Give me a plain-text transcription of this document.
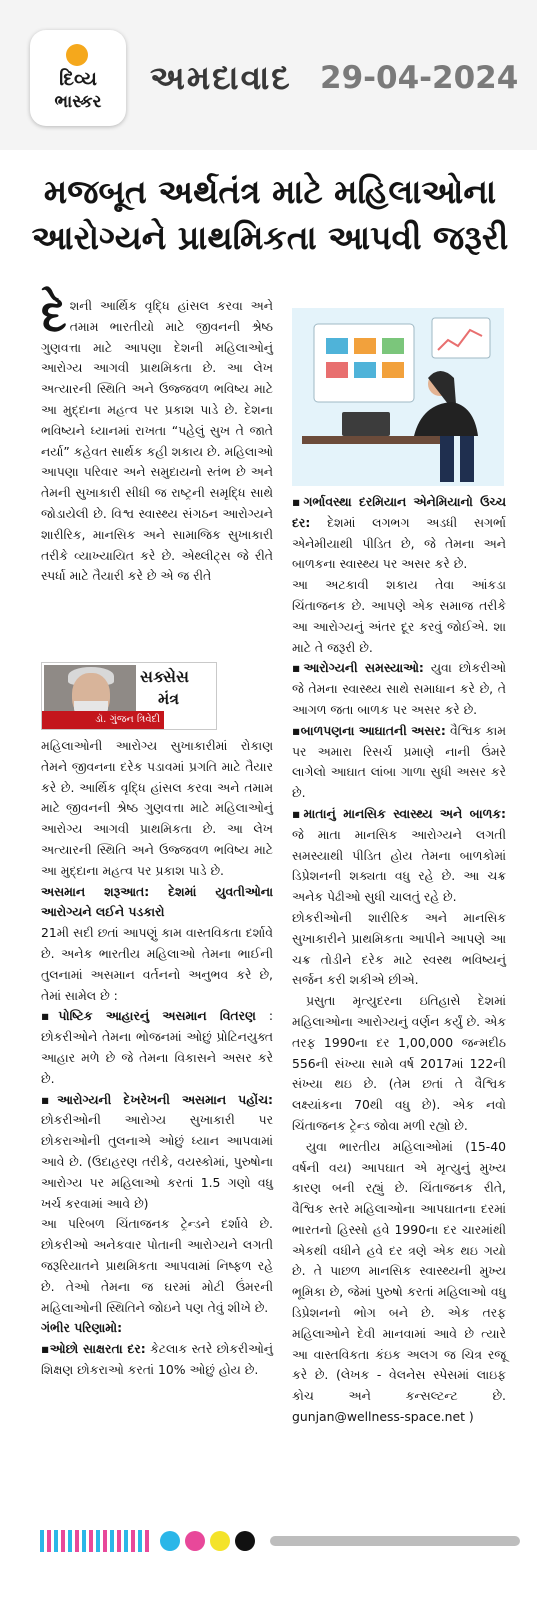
દિવ્ય
ભાસ્કર
અમદાવાદ 29-04-2024
મજબૂત અર્થતંત્ર માટે મહિલાઓના
આરોગ્યને પ્રાથમિકતા આપવી જરૂરી

દેશની આર્થિક વૃદ્ધિ હાંસલ કરવા અને તમામ ભારતીયો માટે જીવનની શ્રેષ્ઠ ગુણવત્તા માટે આપણા દેશની મહિલાઓનું આરોગ્ય આગવી પ્રાથમિકતા છે. આ લેખ અત્યારની સ્થિતિ અને ઉજ્જવળ ભવિષ્ય માટે આ મુદ્દાના મહત્વ પર પ્રકાશ પાડે છે. દેશના ભવિષ્યને ધ્યાનમાં રાખતા “પહેલું સુખ તે જાતે નર્યા” કહેવત સાર્થક કહી શકાય છે. મહિલાઓ આપણા પરિવાર અને સમુદાયનો સ્તંભ છે અને તેમની સુખાકારી સીધી જ રાષ્ટ્રની સમૃદ્ધિ સાથે જોડાયેલી છે. વિશ્વ સ્વાસ્થ્ય સંગઠન આરોગ્યને શારીરિક, માનસિક અને સામાજિક સુખાકારી તરીકે વ્યાખ્યાયિત કરે છે. એથ્લીટ્સ જે રીતે સ્પર્ધા માટે તૈયારી કરે છે એ જ રીતે

સક્સેસ
મંત્ર
ડૉ. ગુંજન ત્રિવેદી

મહિલાઓની આરોગ્ય સુખાકારીમાં રોકાણ તેમને જીવનના દરેક પડાવમાં પ્રગતિ માટે તૈયાર કરે છે. આર્થિક વૃદ્ધિ હાંસલ કરવા અને તમામ માટે જીવનની શ્રેષ્ઠ ગુણવત્તા માટે મહિલાઓનું આરોગ્ય આગવી પ્રાથમિકતા છે. આ લેખ અત્યારની સ્થિતિ અને ઉજ્જવળ ભવિષ્ય માટે આ મુદ્દાના મહત્વ પર પ્રકાશ પાડે છે.

અસમાન શરૂઆત: દેશમાં યુવતીઓના આરોગ્યને લઈને પડકારો

21મી સદી છતાં આપણું કામ વાસ્તવિકતા દર્શાવે છે. અનેક ભારતીય મહિલાઓ તેમના ભાઈની તુલનામાં અસમાન વર્તનનો અનુભવ કરે છે, તેમાં સામેલ છે :

▪પોષ્ટિક આહારનું અસમાન વિતરણ : છોકરીઓને તેમના ભોજનમાં ઓછું પ્રોટિનયુક્ત આહાર મળે છે જે તેમના વિકાસને અસર કરે છે.

▪આરોગ્યની દેખરેખની અસમાન પહોંચ: છોકરીઓની આરોગ્ય સુખાકારી પર છોકરાઓની તુલનાએ ઓછું ધ્યાન આપવામાં આવે છે. (ઉદાહરણ તરીકે, વયસ્કોમાં, પુરુષોના આરોગ્ય પર મહિલાઓ કરતાં 1.5 ગણો વધુ ખર્ચ કરવામાં આવે છે)

આ પરિબળ ચિંતાજનક ટ્રેન્ડને દર્શાવે છે. છોકરીઓ અનેકવાર પોતાની આરોગ્યને લગતી જરૂરિયાતને પ્રાથમિકતા આપવામાં નિષ્ફળ રહે છે. તેઓ તેમના જ ઘરમાં મોટી ઉંમરની મહિલાઓની સ્થિતિને જોઇને પણ તેવું શીખે છે.

ગંભીર પરિણામો:

▪ઓછો સાક્ષરતા દર: કેટલાક સ્તરે છોકરીઓનું શિક્ષણ છોકરાઓ કરતાં 10% ઓછું હોય છે.

▪ગર્ભાવસ્થા દરમિયાન એનેમિયાનો ઉચ્ચ દર: દેશમાં લગભગ અડધી સગર્ભા એનેમીયાથી પીડિત છે, જે તેમના અને બાળકના સ્વાસ્થ્ય પર અસર કરે છે.

આ અટકાવી શકાય તેવા આંકડા ચિંતાજનક છે. આપણે એક સમાજ તરીકે આ આરોગ્યનું અંતર દૂર કરવું જોઈએ. શા માટે તે જરૂરી છે.

▪આરોગ્યની સમસ્યાઓ: યુવા છોકરીઓ જે તેમના સ્વાસ્થ્ય સાથે સમાધાન કરે છે, તે આગળ જતા બાળક પર અસર કરે છે.

▪બાળપણના આઘાતની અસર: વૈશ્વિક કામ પર અમારા રિસર્ચ પ્રમાણે નાની ઉંમરે લાગેલો આઘાત લાંબા ગાળા સુધી અસર કરે છે.

▪માતાનું માનસિક સ્વાસ્થ્ય અને બાળક: જે માતા માનસિક આરોગ્યને લગતી સમસ્યાથી પીડિત હોય તેમના બાળકોમાં ડિપ્રેશનની શક્યતા વધુ રહે છે. આ ચક્ર અનેક પેઢીઓ સુધી ચાલતું રહે છે.

છોકરીઓની શારીરિક અને માનસિક સુખાકારીને પ્રાથમિકતા આપીને આપણે આ ચક્ર તોડીને દરેક માટે સ્વસ્થ ભવિષ્યનું સર્જન કરી શકીએ છીએ.

પ્રસુતા મૃત્યુદરના ઇતિહાસે દેશમાં મહિલાઓના આરોગ્યનું વર્ણન કર્યું છે. એક તરફ 1990ના દર 1,00,000 જન્મદીઠ 556ની સંખ્યા સામે વર્ષ 2017માં 122ની સંખ્યા થઇ છે. (તેમ છતાં તે વૈશ્વિક લક્ષ્યાંકના 70થી વધુ છે). એક નવો ચિંતાજનક ટ્રેન્ડ જોવા મળી રહ્યો છે.

યુવા ભારતીય મહિલાઓમાં (15-40 વર્ષની વય) આપઘાત એ મૃત્યુનું મુખ્ય કારણ બની રહ્યું છે. ચિંતાજનક રીતે, વૈશ્વિક સ્તરે મહિલાઓના આપઘાતના દરમાં ભારતનો હિસ્સો હવે 1990ના દર ચારમાંથી એકથી વધીને હવે દર ત્રણે એક થઇ ગયો છે. તે પાછળ માનસિક સ્વાસ્થ્યની મુખ્ય ભૂમિકા છે, જેમાં પુરુષો કરતાં મહિલાઓ વધુ ડિપ્રેશનનો ભોગ બને છે. એક તરફ મહિલાઓને દેવી માનવામાં આવે છે ત્યારે આ વાસ્તવિકતા કંઇક અલગ જ ચિત્ર રજૂ કરે છે. (લેખક - વેલનેસ સ્પેસમાં લાઇફ કોચ અને કન્સલ્ટન્ટ છે. gunjan@wellness-space.net )
